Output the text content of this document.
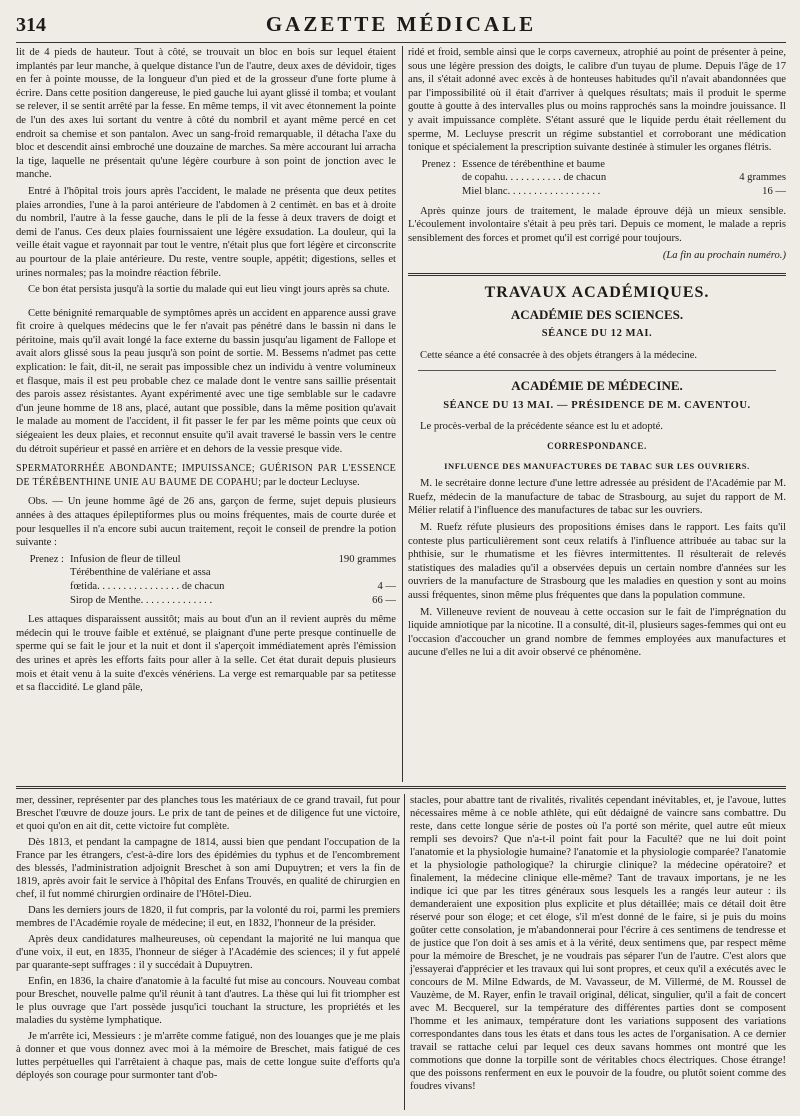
314	GAZETTE MÉDICALE

lit de 4 pieds de hauteur. Tout à côté, se trouvait un bloc en bois sur lequel étaient implantés par leur manche, à quelque distance l'un de l'autre, deux axes de dévidoir, tiges en fer à pointe mousse, de la longueur d'un pied et de la grosseur d'une forte plume à écrire. Dans cette position dangereuse, le pied gauche lui ayant glissé il tomba; et voulant se relever, il se sentit arrêté par la fesse. En même temps, il vit avec étonnement la pointe de l'un des axes lui sortant du ventre à côté du nombril et ayant même percé en cet endroit sa chemise et son pantalon. Avec un sang-froid remarquable, il détacha l'axe du bloc et descendit ainsi embroché une douzaine de marches. Sa mère accourant lui arracha la tige, laquelle ne présentait qu'une légère courbure à son point de jonction avec le manche.

Entré à l'hôpital trois jours après l'accident, le malade ne présenta que deux petites plaies arrondies, l'une à la paroi antérieure de l'abdomen à 2 centimèt. en bas et à droite du nombril, l'autre à la fesse gauche, dans le pli de la fesse à deux travers de doigt et demi de l'anus. Ces deux plaies fournissaient une légère exsudation. La douleur, qui la veille était vague et rayonnait par tout le ventre, n'était plus que fort légère et circonscrite au pourtour de la plaie antérieure. Du reste, ventre souple, appétit; digestions, selles et urines normales; pas la moindre réaction fébrile.

Ce bon état persista jusqu'à la sortie du malade qui eut lieu vingt jours après sa chute.

Cette bénignité remarquable de symptômes après un accident en apparence aussi grave fit croire à quelques médecins que le fer n'avait pas pénétré dans le bassin ni dans le péritoine, mais qu'il avait longé la face externe du bassin jusqu'au ligament de Fallope et avait alors glissé sous la peau jusqu'à son point de sortie. M. Bessems n'admet pas cette explication: le fait, dit-il, ne serait pas impossible chez un individu à ventre volumineux et flasque, mais il est peu probable chez ce malade dont le ventre sans saillie présentait des parois assez résistantes. Ayant expérimenté avec une tige semblable sur le cadavre d'un jeune homme de 18 ans, placé, autant que possible, dans la même position qu'avait le malade au moment de l'accident, il fit passer le fer par les même points que ceux où siégeaient les deux plaies, et reconnut ensuite qu'il avait traversé le bassin vers le centre du détroit supérieur et passé en arrière et en dehors de la vessie presque vide.

SPERMATORRHÉE ABONDANTE; IMPUISSANCE; GUÉRISON PAR L'ESSENCE DE TÉRÉBENTHINE UNIE AU BAUME DE COPAHU; par le docteur Lecluyse.

Obs. — Un jeune homme âgé de 26 ans, garçon de ferme, sujet depuis plusieurs années à des attaques épileptiformes plus ou moins fréquentes, mais de courte durée et pour lesquelles il n'a encore subi aucun traitement, reçoit le conseil de prendre la potion suivante :

Prenez : Infusion de fleur de tilleul	190 grammes
Térébenthine de valériane et assa
fœtida. . . . . . . . . . . . . . . . de chacun	4 —
Sirop de Menthe. . . . . . . . . . . . . .	66 —

Les attaques disparaissent aussitôt; mais au bout d'un an il revient auprès du même médecin qui le trouve faible et exténué, se plaignant d'une perte presque continuelle de sperme qui se fait le jour et la nuit et dont il s'aperçoit immédiatement après l'émission des urines et après les efforts faits pour aller à la selle. Cet état durait depuis plusieurs mois et était venu à la suite d'excès vénériens. La verge est remarquable par sa petitesse et sa flaccidité. Le gland pâle,

ridé et froid, semble ainsi que le corps caverneux, atrophié au point de présenter à peine, sous une légère pression des doigts, le calibre d'un tuyau de plume. Depuis l'âge de 17 ans, il s'était adonné avec excès à de honteuses habitudes qu'il n'avait abandonnées que par l'impossibilité où il était d'arriver à quelques résultats; mais il produit le sperme goutte à goutte à des intervalles plus ou moins rapprochés sans la moindre jouissance. Il y avait impuissance complète. S'étant assuré que le liquide perdu était réellement du sperme, M. Lecluyse prescrit un régime substantiel et corroborant une médication tonique et spécialement la prescription suivante destinée à stimuler les organes flétris.

Prenez : Essence de térébenthine et baume
de copahu. . . . . . . . . . . de chacun	4 grammes
Miel blanc. . . . . . . . . . . . . . . . . .	16 —

Après quinze jours de traitement, le malade éprouve déjà un mieux sensible. L'écoulement involontaire s'était à peu près tari. Depuis ce moment, le malade a repris sensiblement des forces et promet qu'il est corrigé pour toujours.

(La fin au prochain numéro.)
TRAVAUX ACADÉMIQUES.
ACADÉMIE DES SCIENCES.
SÉANCE DU 12 MAI.

Cette séance a été consacrée à des objets étrangers à la médecine.

ACADÉMIE DE MÉDECINE.
SÉANCE DU 13 MAI. — PRÉSIDENCE DE M. CAVENTOU.

Le procès-verbal de la précédente séance est lu et adopté.

CORRESPONDANCE.
INFLUENCE DES MANUFACTURES DE TABAC SUR LES OUVRIERS.

M. le secrétaire donne lecture d'une lettre adressée au président de l'Académie par M. Ruefz, médecin de la manufacture de tabac de Strasbourg, au sujet du rapport de M. Mélier relatif à l'influence des manufactures de tabac sur les ouvriers.

M. Ruefz réfute plusieurs des propositions émises dans le rapport. Les faits qu'il conteste plus particulièrement sont ceux relatifs à l'influence attribuée au tabac sur la phthisie, sur le rhumatisme et les fièvres intermittentes. Il résulterait de relevés statistiques des maladies qu'il a observées depuis un certain nombre d'années sur les ouvriers de la manufacture de Strasbourg que les maladies en question y sont au moins aussi fréquentes, sinon même plus fréquentes que dans la population commune.

M. Villeneuve revient de nouveau à cette occasion sur le fait de l'imprégnation du liquide amniotique par la nicotine. Il a consulté, dit-il, plusieurs sages-femmes qui ont eu l'occasion d'accoucher un grand nombre de femmes employées aux manufactures et aucune d'elles ne lui a dit avoir observé ce phénomène.

mer, dessiner, représenter par des planches tous les matériaux de ce grand travail, fut pour Breschet l'œuvre de douze jours. Le prix de tant de peines et de diligence fut une victoire, et quoi qu'on en ait dit, cette victoire fut complète.

Dès 1813, et pendant la campagne de 1814, aussi bien que pendant l'occupation de la France par les étrangers, c'est-à-dire lors des épidémies du typhus et de l'encombrement des blessés, l'administration adjoignit Breschet à son ami Dupuytren; et vers la fin de 1819, après avoir fait le service à l'hôpital des Enfans Trouvés, en qualité de chirurgien en chef, il fut nommé chirurgien ordinaire de l'Hôtel-Dieu.

Dans les derniers jours de 1820, il fut compris, par la volonté du roi, parmi les premiers membres de l'Académie royale de médecine; il eut, en 1832, l'honneur de la présider.

Après deux candidatures malheureuses, où cependant la majorité ne lui manqua que d'une voix, il eut, en 1835, l'honneur de siéger à l'Académie des sciences; il y fut appelé par quarante-sept suffrages : il y succédait à Dupuytren.

Enfin, en 1836, la chaire d'anatomie à la faculté fut mise au concours. Nouveau combat pour Breschet, nouvelle palme qu'il réunit à tant d'autres. La thèse qui lui fit triompher est le plus ouvrage que l'art possède jusqu'ici touchant la structure, les propriétés et les maladies du système lymphatique.

Je m'arrête ici, Messieurs : je m'arrête comme fatigué, non des louanges que je me plais à donner et que vous donnez avec moi à la mémoire de Breschet, mais fatigué de ces luttes perpétuelles qui l'arrêtaient à chaque pas, mais de cette longue suite d'efforts qu'a déployés son courage pour surmonter tant d'ob-

stacles, pour abattre tant de rivalités, rivalités cependant inévitables, et, je l'avoue, luttes nécessaires même à ce noble athlète, qui eût dédaigné de vaincre sans combattre. Du reste, dans cette longue série de postes où l'a porté son mérite, quel autre eût mieux rempli ses devoirs? Que n'a-t-il point fait pour la Faculté? que ne lui doit point l'anatomie et la physiologie humaine? l'anatomie et la physiologie comparée? l'anatomie et la physiologie pathologique? la chirurgie clinique? la médecine opératoire? et finalement, la médecine clinique elle-même? Tant de travaux importans, je ne les indique ici que par les titres généraux sous lesquels les a rangés leur auteur : ils demanderaient une exposition plus explicite et plus détaillée; mais ce détail doit être réservé pour son éloge; et cet éloge, s'il m'est donné de le faire, si je puis du moins goûter cette consolation, je m'abandonnerai pour l'écrire à ces sentimens de tendresse et de justice que l'on doit à ses amis et à la vérité, deux sentimens que, par respect même pour la mémoire de Breschet, je ne voudrais pas séparer l'un de l'autre. C'est alors que j'essayerai d'apprécier et les travaux qui lui sont propres, et ceux qu'il a exécutés avec le concours de M. Milne Edwards, de M. Vavasseur, de M. Villermé, de M. Roussel de Vauzème, de M. Rayer, enfin le travail original, délicat, singulier, qu'il a fait de concert avec M. Becquerel, sur la température des différentes parties dont se composent l'homme et les animaux, température dont les variations supposent des variations correspondantes dans tous les états et dans tous les actes de l'organisation. A ce dernier travail se rattache celui par lequel ces deux savans hommes ont montré que les commotions que donne la torpille sont de véritables chocs électriques. Chose étrange! que des poissons renferment en eux le pouvoir de la foudre, ou plutôt soient comme des foudres vivans!
